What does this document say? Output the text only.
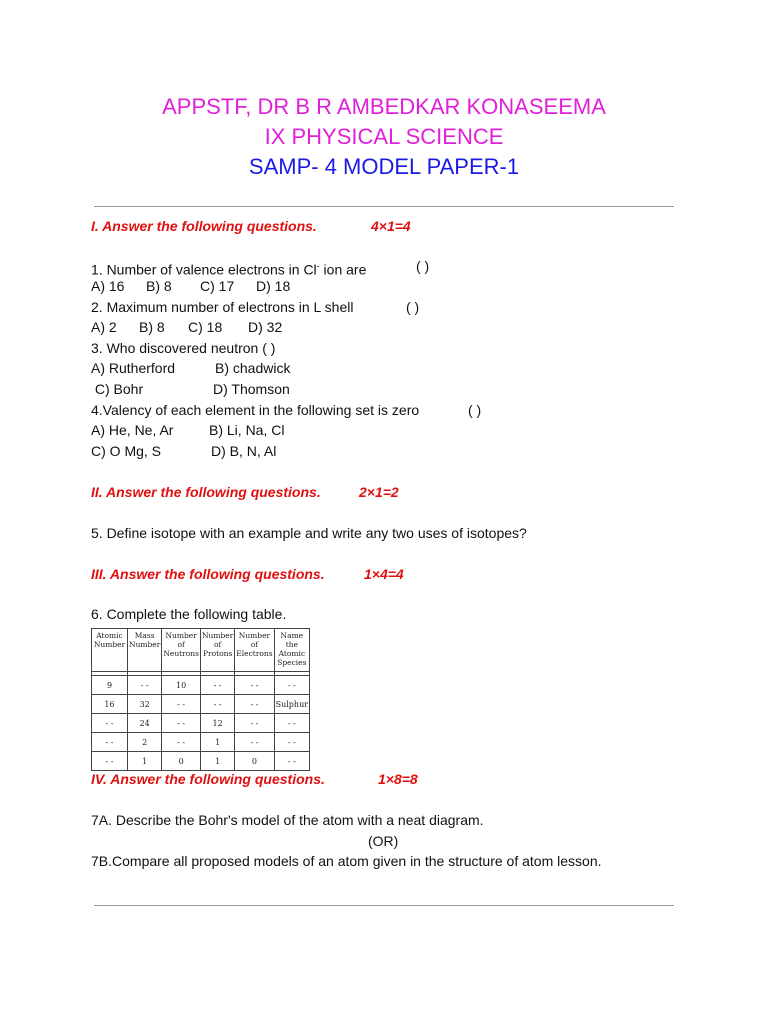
APPSTF, DR B R AMBEDKAR KONASEEMA
IX PHYSICAL SCIENCE
SAMP- 4 MODEL PAPER-1
I. Answer the following questions.	4×1=4
1. Number of valence electrons in Cl- ion are	( )
A) 16 B) 8 C) 17 D) 18
2. Maximum number of electrons in L shell	( )
A) 2 B) 8 C) 18 D) 32
3. Who discovered neutron ( )
A) Rutherford	B) chadwick
C) Bohr	D) Thomson
4.Valency of each element in the following set is zero	( )
A) He, Ne, Ar	B) Li, Na, Cl
C) O Mg, S	D) B, N, Al
II. Answer the following questions.	2×1=2
5. Define isotope with an example and write any two uses of isotopes?
III. Answer the following questions.	1×4=4
6. Complete the following table.
Atomic Number	Mass Number	Number of Neutrons	Number of Protons	Number of Electrons	Name the Atomic Species

9	- -	10	- -	- -	- -
16	32	- -	- -	- -	Sulphur
- -	24	- -	12	- -	- -
- -	2	- -	1	- -	- -
- -	1	0	1	0	- -
IV. Answer the following questions.	1×8=8
7A. Describe the Bohr's model of the atom with a neat diagram.
(OR)
7B.Compare all proposed models of an atom given in the structure of atom lesson.
